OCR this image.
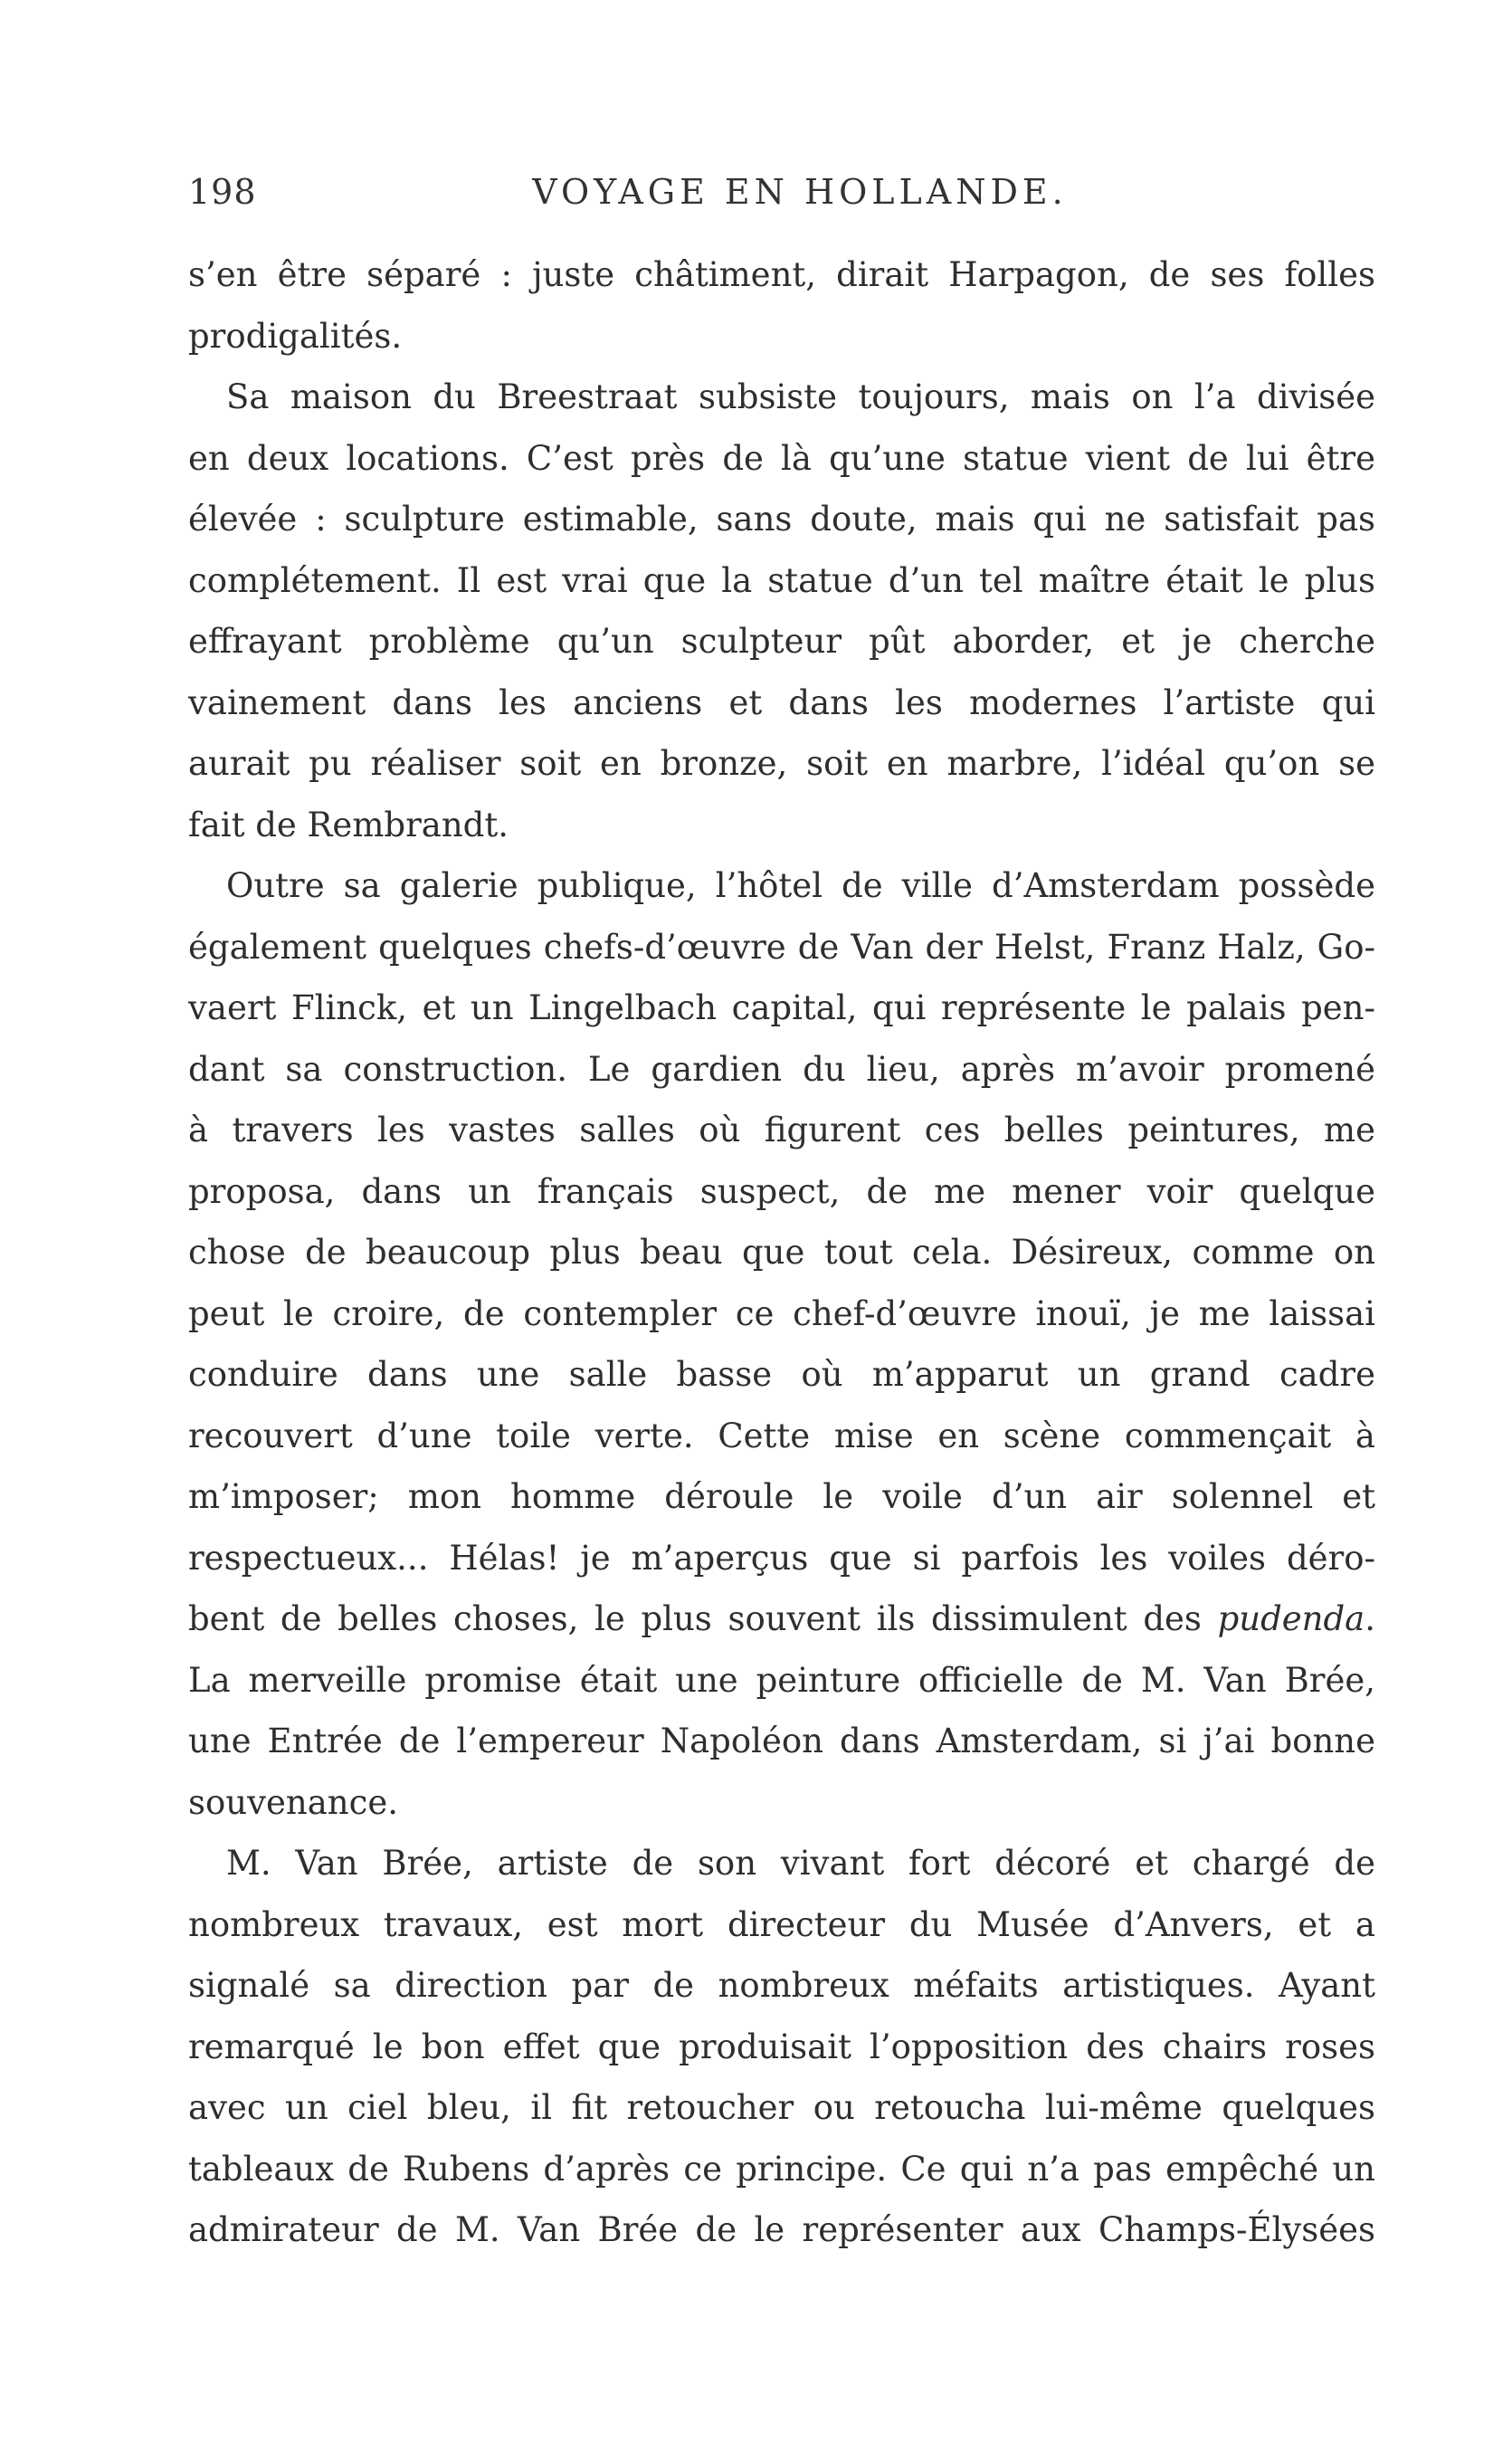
198	VOYAGE EN HOLLANDE.
s’en être séparé : juste châtiment, dirait Harpagon, de ses folles
prodigalités.
Sa maison du Breestraat subsiste toujours, mais on l’a divisée
en deux locations. C’est près de là qu’une statue vient de lui être
élevée : sculpture estimable, sans doute, mais qui ne satisfait pas
complétement. Il est vrai que la statue d’un tel maître était le plus
effrayant problème qu’un sculpteur pût aborder, et je cherche
vainement dans les anciens et dans les modernes l’artiste qui
aurait pu réaliser soit en bronze, soit en marbre, l’idéal qu’on se
fait de Rembrandt.
Outre sa galerie publique, l’hôtel de ville d’Amsterdam possède
également quelques chefs-d’œuvre de Van der Helst, Franz Halz, Go-
vaert Flinck, et un Lingelbach capital, qui représente le palais pen-
dant sa construction. Le gardien du lieu, après m’avoir promené
à travers les vastes salles où figurent ces belles peintures, me
proposa, dans un français suspect, de me mener voir quelque
chose de beaucoup plus beau que tout cela. Désireux, comme on
peut le croire, de contempler ce chef-d’œuvre inouï, je me laissai
conduire dans une salle basse où m’apparut un grand cadre
recouvert d’une toile verte. Cette mise en scène commençait à
m’imposer; mon homme déroule le voile d’un air solennel et
respectueux... Hélas! je m’aperçus que si parfois les voiles déro-
bent de belles choses, le plus souvent ils dissimulent des pudenda.
La merveille promise était une peinture officielle de M. Van Brée,
une Entrée de l’empereur Napoléon dans Amsterdam, si j’ai bonne
souvenance.
M. Van Brée, artiste de son vivant fort décoré et chargé de
nombreux travaux, est mort directeur du Musée d’Anvers, et a
signalé sa direction par de nombreux méfaits artistiques. Ayant
remarqué le bon effet que produisait l’opposition des chairs roses
avec un ciel bleu, il fit retoucher ou retoucha lui-même quelques
tableaux de Rubens d’après ce principe. Ce qui n’a pas empêché un
admirateur de M. Van Brée de le représenter aux Champs-Élysées
